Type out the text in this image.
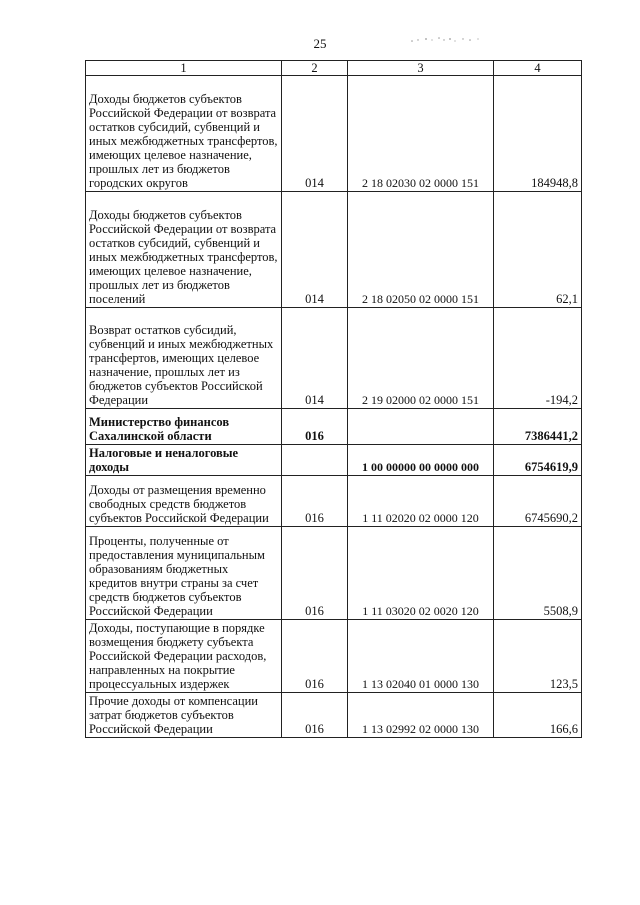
25
1	2	3	4
Доходы бюджетов субъектов Российской Федерации от возврата остатков субсидий, субвенций и иных межбюджетных трансфертов, имеющих целевое назначение, прошлых лет из бюджетов городских округов	014	2 18 02030 02 0000 151	184948,8
Доходы бюджетов субъектов Российской Федерации от возврата остатков субсидий, субвенций и иных межбюджетных трансфертов, имеющих целевое назначение, прошлых лет из бюджетов поселений	014	2 18 02050 02 0000 151	62,1
Возврат остатков субсидий, субвенций и иных межбюджетных трансфертов, имеющих целевое назначение, прошлых лет из бюджетов субъектов Российской Федерации	014	2 19 02000 02 0000 151	-194,2
Министерство финансов Сахалинской области	016		7386441,2
Налоговые и неналоговые доходы		1 00 00000 00 0000 000	6754619,9
Доходы от размещения временно свободных средств бюджетов субъектов Российской Федерации	016	1 11 02020 02 0000 120	6745690,2
Проценты, полученные от предоставления муниципальным образованиям бюджетных кредитов внутри страны за счет средств бюджетов субъектов Российской Федерации	016	1 11 03020 02 0020 120	5508,9
Доходы, поступающие в порядке возмещения бюджету субъекта Российской Федерации расходов, направленных на покрытие процессуальных издержек	016	1 13 02040 01 0000 130	123,5
Прочие доходы от компенсации затрат бюджетов субъектов Российской Федерации	016	1 13 02992 02 0000 130	166,6
